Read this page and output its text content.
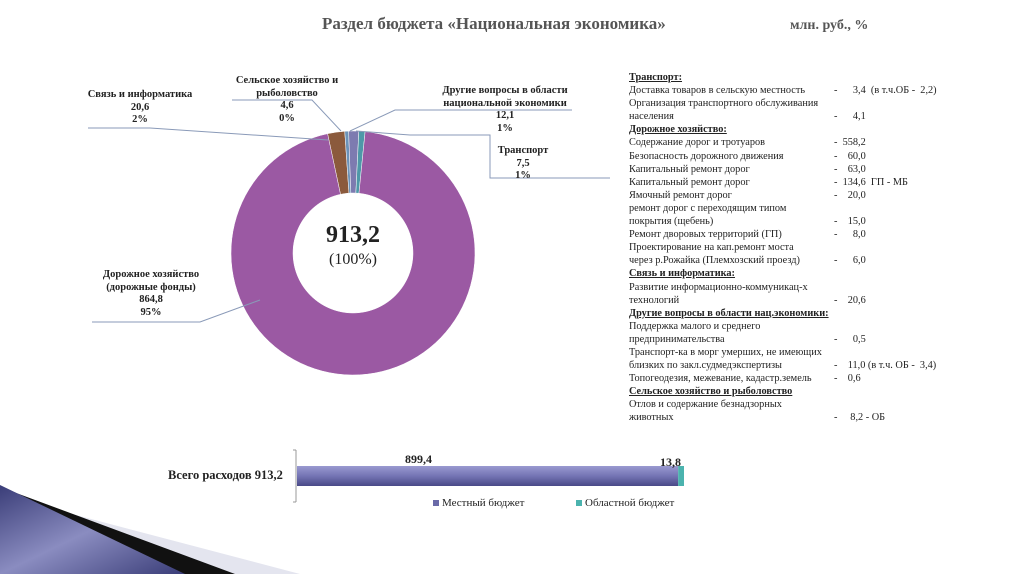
Раздел бюджета «Национальная экономика»	млн. руб., %
Связь и информатика
20,6
2%
Сельское хозяйство и рыболовство
4,6
0%
Другие вопросы в области национальной экономики
12,1
1%
Транспорт
7,5
1%
Дорожное хозяйство (дорожные фонды)
864,8
95%
913,2
(100%)
Транспорт:
Доставка товаров в сельскую местность	-      3,4  (в т.ч.ОБ -  2,2)
Организация транспортного обслуживания
населения	-      4,1
Дорожное хозяйство:
Содержание дорог и тротуаров	-  558,2
Безопасность дорожного движения	-    60,0
Капитальный ремонт дорог	-    63,0
Капитальный ремонт дорог	-  134,6  ГП - МБ
Ямочный ремонт дорог	-    20,0
ремонт дорог с переходящим типом
покрытия (щебень)	-    15,0
Ремонт дворовых территорий (ГП)	-      8,0
Проектирование на кап.ремонт моста
через р.Рожайка (Племхозский проезд)	-      6,0
Связь и информатика:
Развитие информационно-коммуникац-х
технологий	-    20,6
Другие вопросы в области нац.экономики:
Поддержка малого и среднего
предпринимательства	-      0,5
Транспорт-ка в морг умерших, не имеющих
близких по закл.судмедэкспертизы	-    11,0 (в т.ч. ОБ -  3,4)
Топогеодезия, межевание, кадастр.земель -    0,6
Сельское хозяйство и рыболовство
Отлов и содержание безнадзорных
животных	-     8,2 - ОБ
Всего расходов 913,2
899,4	13,8
Местный бюджет	Областной бюджет
